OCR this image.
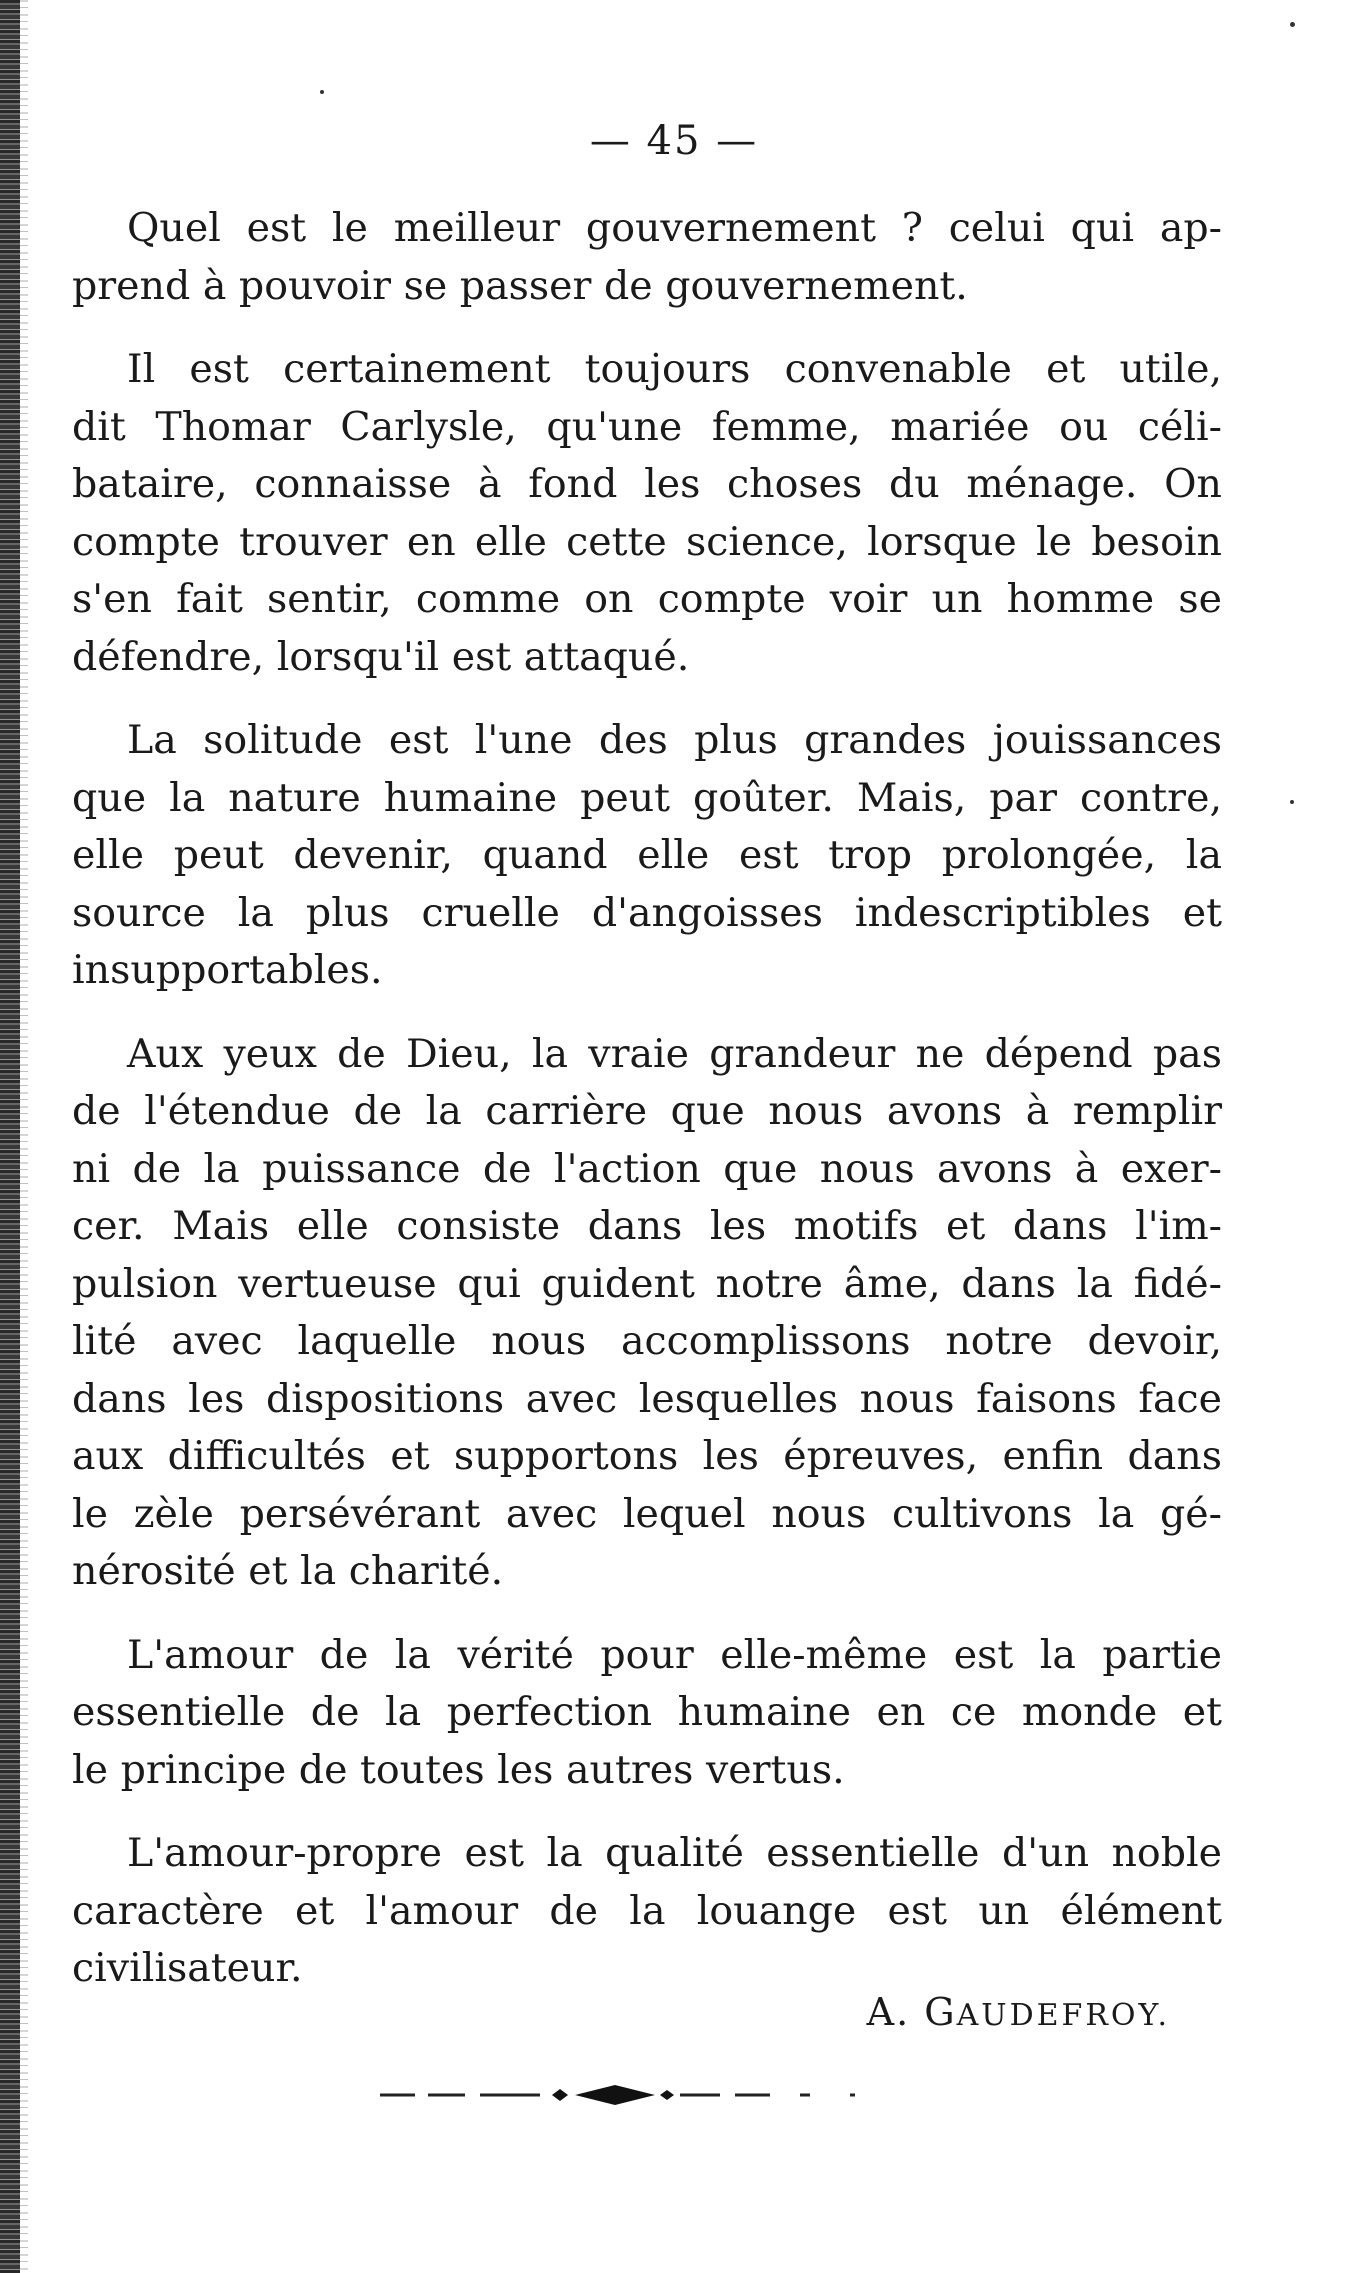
— 45 —

Quel est le meilleur gouvernement ? celui qui ap-
prend à pouvoir se passer de gouvernement.

Il est certainement toujours convenable et utile,
dit Thomar Carlysle, qu'une femme, mariée ou céli-
bataire, connaisse à fond les choses du ménage. On
compte trouver en elle cette science, lorsque le besoin
s'en fait sentir, comme on compte voir un homme se
défendre, lorsqu'il est attaqué.

La solitude est l'une des plus grandes jouissances
que la nature humaine peut goûter. Mais, par contre,
elle peut devenir, quand elle est trop prolongée, la
source la plus cruelle d'angoisses indescriptibles et
insupportables.

Aux yeux de Dieu, la vraie grandeur ne dépend pas
de l'étendue de la carrière que nous avons à remplir
ni de la puissance de l'action que nous avons à exer-
cer. Mais elle consiste dans les motifs et dans l'im-
pulsion vertueuse qui guident notre âme, dans la fidé-
lité avec laquelle nous accomplissons notre devoir,
dans les dispositions avec lesquelles nous faisons face
aux difficultés et supportons les épreuves, enfin dans
le zèle persévérant avec lequel nous cultivons la gé-
nérosité et la charité.

L'amour de la vérité pour elle-même est la partie
essentielle de la perfection humaine en ce monde et
le principe de toutes les autres vertus.

L'amour-propre est la qualité essentielle d'un noble
caractère et l'amour de la louange est un élément
civilisateur.

A. GAUDEFROY.
